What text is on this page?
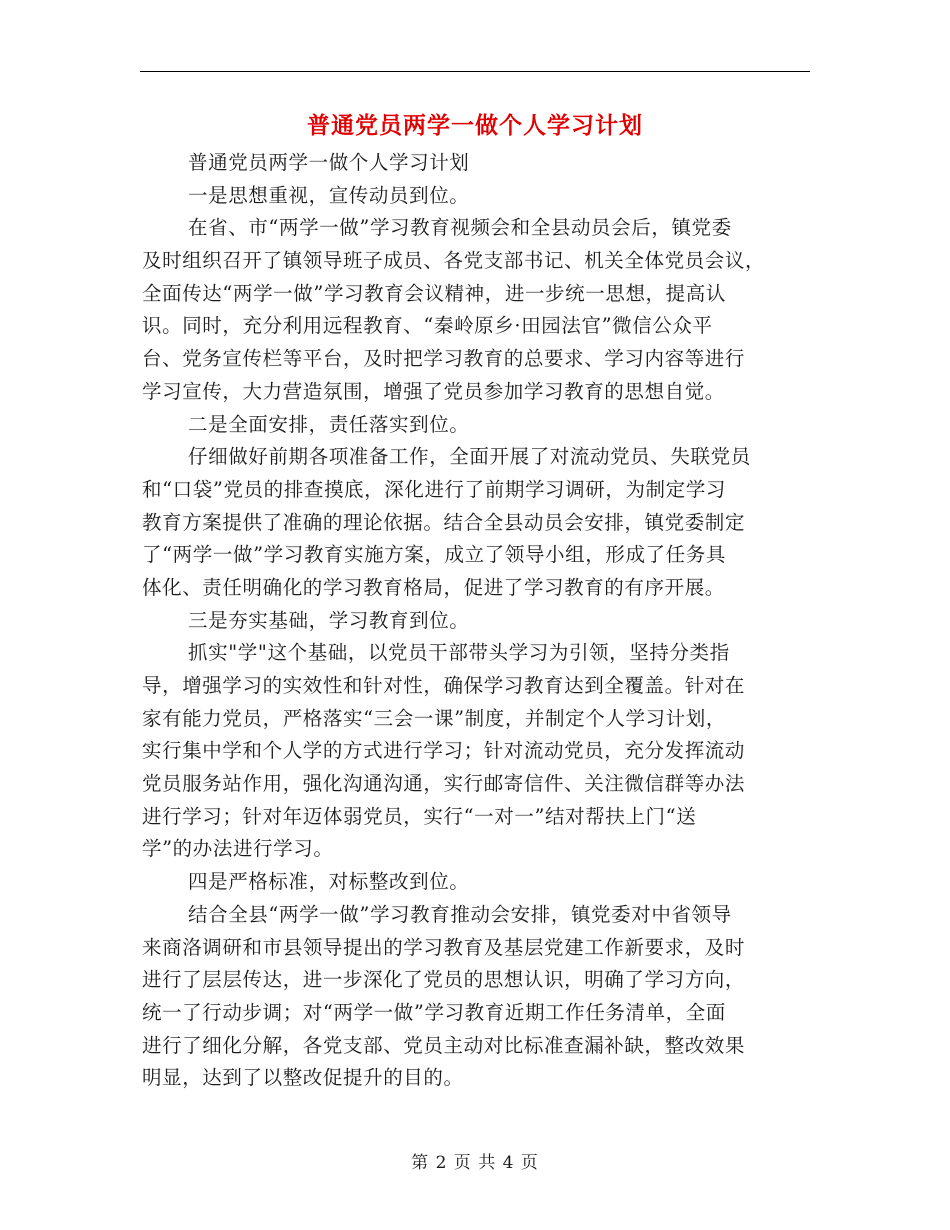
普通党员两学一做个人学习计划
普通党员两学一做个人学习计划
一是思想重视，宣传动员到位。
在省、市“两学一做”学习教育视频会和全县动员会后，镇党委
及时组织召开了镇领导班子成员、各党支部书记、机关全体党员会议，
全面传达“两学一做”学习教育会议精神，进一步统一思想，提高认
识。同时，充分利用远程教育、“秦岭原乡·田园法官”微信公众平
台、党务宣传栏等平台，及时把学习教育的总要求、学习内容等进行
学习宣传，大力营造氛围，增强了党员参加学习教育的思想自觉。
二是全面安排，责任落实到位。
仔细做好前期各项准备工作，全面开展了对流动党员、失联党员
和“口袋”党员的排查摸底，深化进行了前期学习调研，为制定学习
教育方案提供了准确的理论依据。结合全县动员会安排，镇党委制定
了“两学一做”学习教育实施方案，成立了领导小组，形成了任务具
体化、责任明确化的学习教育格局，促进了学习教育的有序开展。
三是夯实基础，学习教育到位。
抓实"学"这个基础，以党员干部带头学习为引领，坚持分类指
导，增强学习的实效性和针对性，确保学习教育达到全覆盖。针对在
家有能力党员，严格落实“三会一课”制度，并制定个人学习计划，
实行集中学和个人学的方式进行学习；针对流动党员，充分发挥流动
党员服务站作用，强化沟通沟通，实行邮寄信件、关注微信群等办法
进行学习；针对年迈体弱党员，实行“一对一”结对帮扶上门“送
学”的办法进行学习。
四是严格标准，对标整改到位。
结合全县“两学一做”学习教育推动会安排，镇党委对中省领导
来商洛调研和市县领导提出的学习教育及基层党建工作新要求，及时
进行了层层传达，进一步深化了党员的思想认识，明确了学习方向，
统一了行动步调；对“两学一做”学习教育近期工作任务清单，全面
进行了细化分解，各党支部、党员主动对比标准查漏补缺，整改效果
明显，达到了以整改促提升的目的。
第 2 页 共 4 页
